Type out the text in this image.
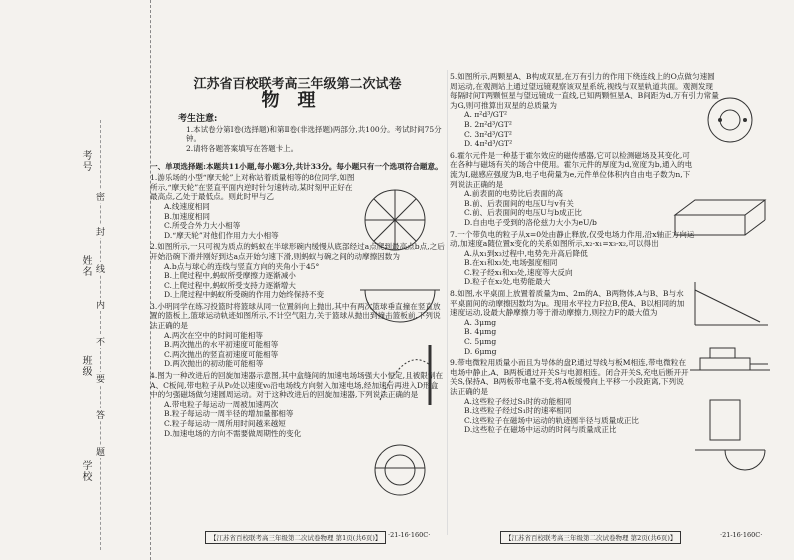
考号
姓名
班级
学校
密
封
线
内
不
要
答
题
江苏省百校联考高三年级第二次试卷
物理
考生注意:
1.本试卷分第Ⅰ卷(选择题)和第Ⅱ卷(非选择题)两部分,共100分。考试时间75分钟。
2.请将各题答案填写在答题卡上。
一、单项选择题:本题共11小题,每小题3分,共计33分。每小题只有一个选项符合题意。
1.游乐场的小型“摩天轮”上对称站着质量相等的8位同学,如图所示,“摩天轮”在竖直平面内逆时针匀速转动,某时刻甲正好在最高点,乙处于最低点。则此时甲与乙
A.线速度相同
B.加速度相同
C.所受合外力大小相等
D.“摩天轮”对他们作用力大小相等
2.如图所示,一只可视为质点的蚂蚁在半球形碗内缓慢从底部经过a点爬到最高点b点,之后开始沿碗下滑并刚好到达a点开始匀速下滑,则蚂蚁与碗之间的动摩擦因数为
A.b点与球心的连线与竖直方向的夹角小于45°
B.上爬过程中,蚂蚁所受摩擦力逐渐减小
C.上爬过程中,蚂蚁所受支持力逐渐增大
D.上爬过程中蚂蚁所受碗的作用力始终保持不变
3.小明同学在练习投篮时将篮球从同一位置斜向上抛出,其中有两次篮球垂直撞在竖直放置的篮板上,篮球运动轨迹如图所示,不计空气阻力,关于篮球从抛出到撞击篮板前,下列说法正确的是
A.两次在空中的时间可能相等
B.两次抛出的水平初速度可能相等
C.两次抛出的竖直初速度可能相等
D.两次抛出的初动能可能相等
4.图为一种改进后的回旋加速器示意图,其中盒缝间的加速电场场强大小恒定,且被限制在A、C板间,带电粒子从P₀处以速度v₀沿电场线方向射入加速电场,经加速后再进入D形盒中的匀强磁场做匀速圆周运动。对于这种改进后的回旋加速器,下列说法正确的是
A.带电粒子每运动一周被加速两次
B.粒子每运动一周半径的增加量都相等
C.粒子每运动一周所用时间越来越短
D.加速电场的方向不需要做周期性的变化
5.如图所示,两颗星A、B构成双星,在万有引力的作用下绕连线上的O点做匀速圆周运动,在观测站上通过望远镜观察该双星系统,视线与双星轨道共面。观测发现每隔时间T两颗恒星与望远镜成一直线,已知两颗恒星A、B间距为d,万有引力常量为G,则可推算出双星的总质量为
A. π²d³/GT²
B. 2π²d³/GT²
C. 3π²d³/GT²
D. 4π²d³/GT²
6.霍尔元件是一种基于霍尔效应的磁传感器,它可以检测磁场及其变化,可在各种与磁场有关的场合中使用。霍尔元件的厚度为d,宽度为b,通入的电流为I,磁感应强度为B,电子电荷量为e,元件单位体积内自由电子数为n,下列说法正确的是
A.前表面的电势比后表面的高
B.前、后表面间的电压U与v有关
C.前、后表面间的电压U与b成正比
D.自由电子受到的洛伦兹力大小为eU/b
7.一个带负电的粒子从x=0处由静止释放,仅受电场力作用,沿x轴正方向运动,加速度a随位置x变化的关系如图所示,x₂-x₁=x₃-x₂,可以得出
A.从x₁到x₃过程中,电势先升高后降低
B.在x₁和x₃处,电场强度相同
C.粒子经x₁和x₃处,速度等大反向
D.粒子在x₂处,电势能最大
8.如图,水平桌面上放置着质量为m、2m的A、B两物体,A与B、B与水平桌面间的动摩擦因数均为μ。现用水平拉力F拉B,使A、B以相同的加速度运动,设最大静摩擦力等于滑动摩擦力,则拉力F的最大值为
A. 3μmg
B. 4μmg
C. 5μmg
D. 6μmg
9.带电微粒用质量小而且为导体的盘P,通过导线与板M相连,带电微粒在电场中静止,A、B两板通过开关S与电源相连。闭合开关S,充电后断开开关S,保持A、B两板带电量不变,将A板缓慢向上平移一小段距离,下列说法正确的是
A.这些粒子经过S₁时的动能相同
B.这些粒子经过S₁时的速率相同
C.这些粒子在磁场中运动的轨迹圆半径与质量成正比
D.这些粒子在磁场中运动的时间与质量成正比
【江苏省百校联考高三年级第二次试卷物理 第1页(共6页)】	·21-16·160C·	【江苏省百校联考高三年级第二次试卷物理 第2页(共6页)】	·21-16·160C·
